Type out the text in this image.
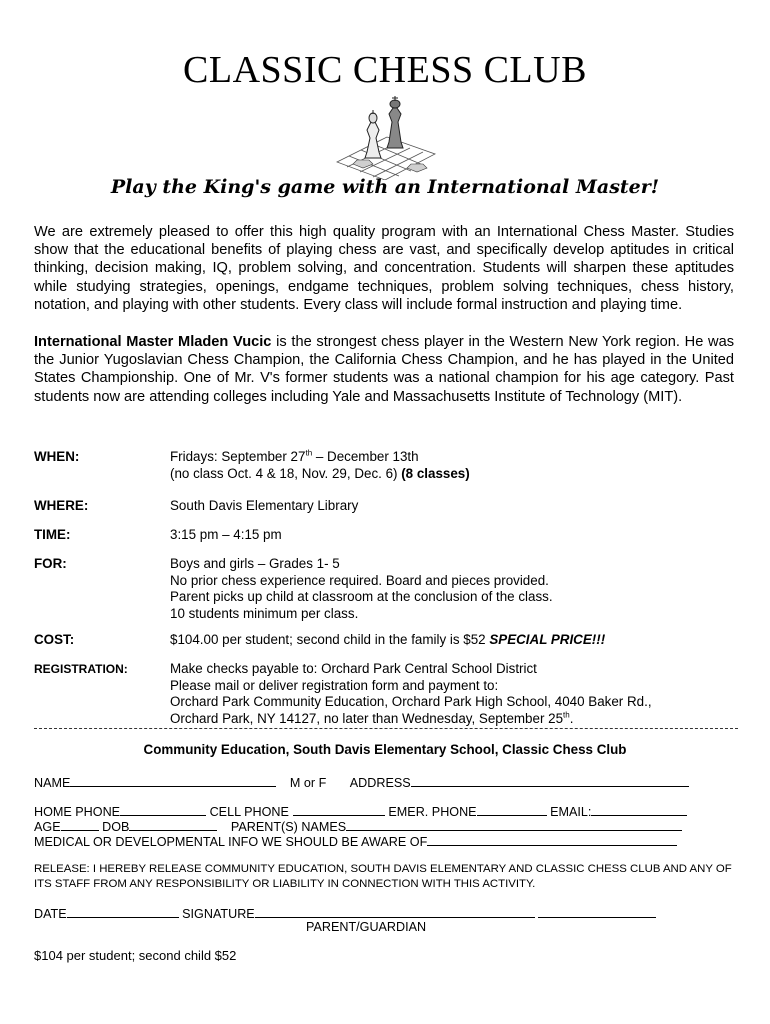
CLASSIC CHESS CLUB
Play the King's game with an International Master!
We are extremely pleased to offer this high quality program with an International Chess Master. Studies show that the educational benefits of playing chess are vast, and specifically develop aptitudes in critical thinking, decision making, IQ, problem solving, and concentration. Students will sharpen these aptitudes while studying strategies, openings, endgame techniques, problem solving techniques, chess history, notation, and playing with other students. Every class will include formal instruction and playing time.
International Master Mladen Vucic is the strongest chess player in the Western New York region. He was the Junior Yugoslavian Chess Champion, the California Chess Champion, and he has played in the United States Championship. One of Mr. V's former students was a national champion for his age category. Past students now are attending colleges including Yale and Massachusetts Institute of Technology (MIT).
WHEN:	Fridays: September 27th – December 13th
(no class Oct. 4 & 18, Nov. 29, Dec. 6) (8 classes)
WHERE:	South Davis Elementary Library
TIME:	3:15 pm – 4:15 pm
FOR:	Boys and girls – Grades 1- 5
No prior chess experience required. Board and pieces provided.
Parent picks up child at classroom at the conclusion of the class.
10 students minimum per class.
COST:	$104.00 per student; second child in the family is $52 SPECIAL PRICE!!!
REGISTRATION:	Make checks payable to: Orchard Park Central School District
Please mail or deliver registration form and payment to:
Orchard Park Community Education, Orchard Park High School, 4040 Baker Rd.,
Orchard Park, NY 14127, no later than Wednesday, September 25th.
Community Education, South Davis Elementary School, Classic Chess Club
NAME	M or F ADDRESS
HOME PHONE	CELL PHONE	EMER. PHONE	EMAIL:
AGE	DOB	PARENT(S) NAMES
MEDICAL OR DEVELOPMENTAL INFO WE SHOULD BE AWARE OF
RELEASE: I HEREBY RELEASE COMMUNITY EDUCATION, SOUTH DAVIS ELEMENTARY AND CLASSIC CHESS CLUB AND ANY OF ITS STAFF FROM ANY RESPONSIBILITY OR LIABILITY IN CONNECTION WITH THIS ACTIVITY.
DATE	SIGNATURE
PARENT/GUARDIAN
$104 per student; second child $52
